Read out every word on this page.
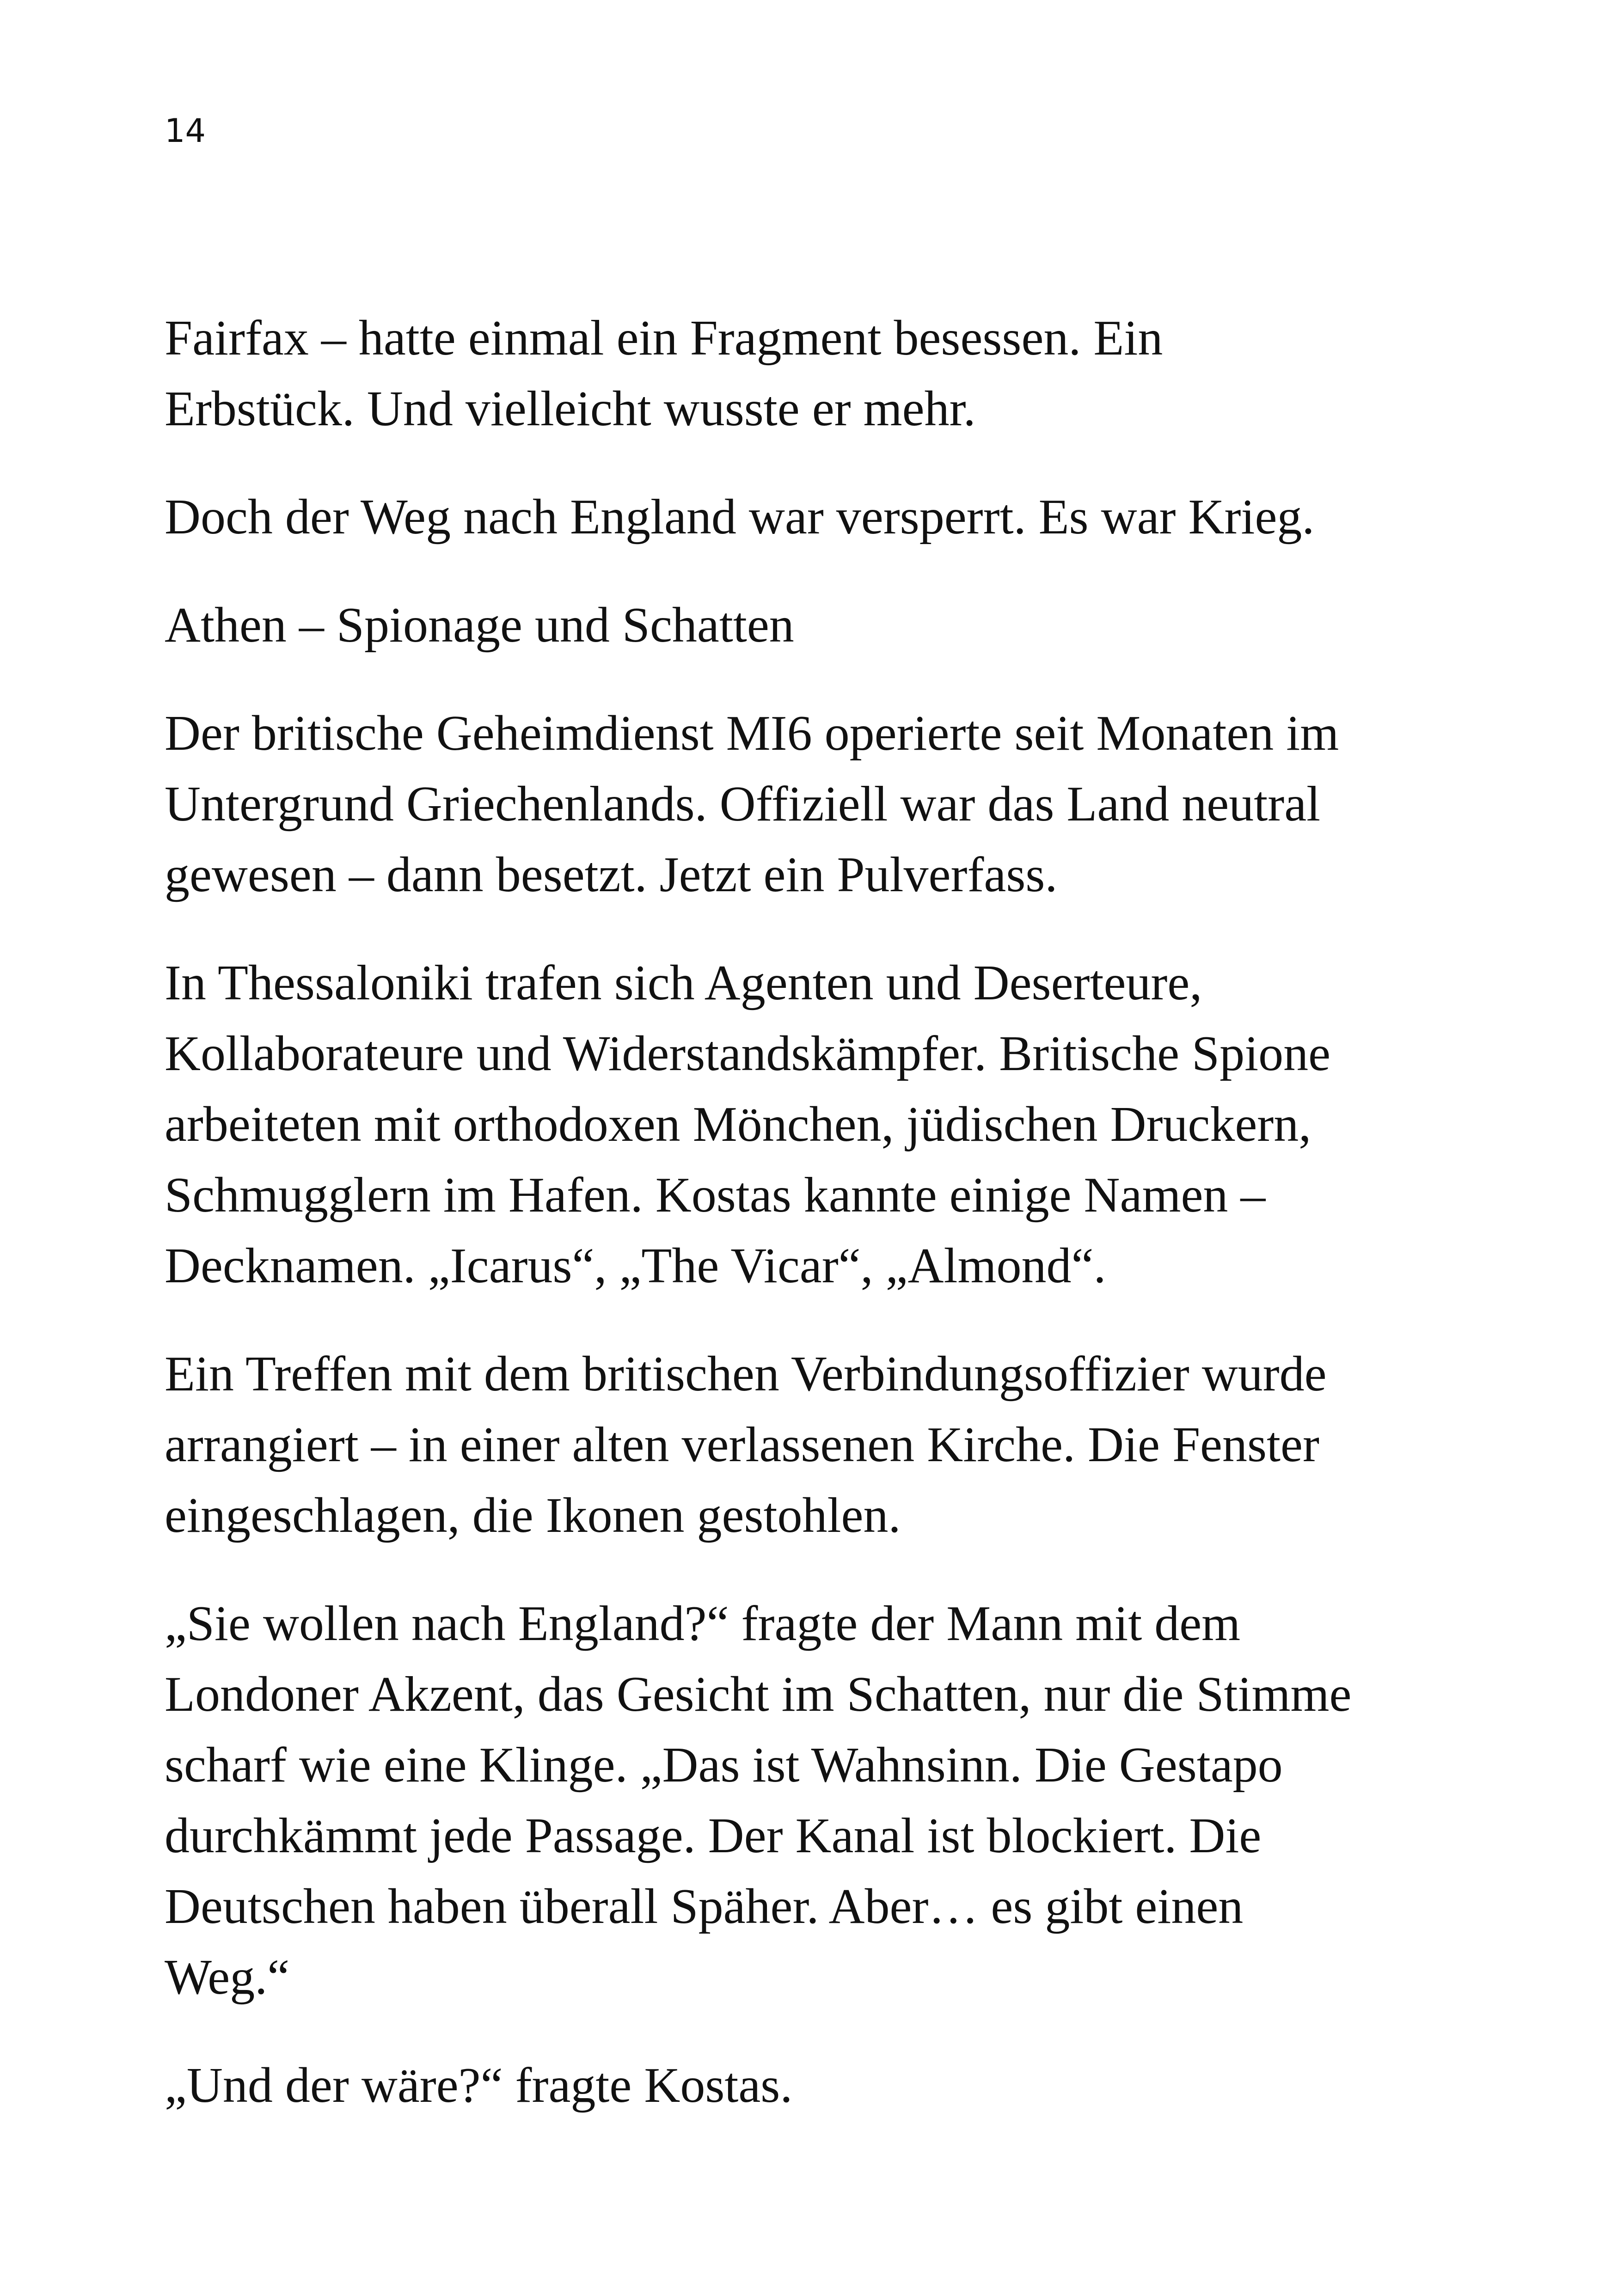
14

Fairfax – hatte einmal ein Fragment besessen. Ein
Erbstück. Und vielleicht wusste er mehr.

Doch der Weg nach England war versperrt. Es war Krieg.

Athen – Spionage und Schatten

Der britische Geheimdienst MI6 operierte seit Monaten im
Untergrund Griechenlands. Offiziell war das Land neutral
gewesen – dann besetzt. Jetzt ein Pulverfass.

In Thessaloniki trafen sich Agenten und Deserteure,
Kollaborateure und Widerstandskämpfer. Britische Spione
arbeiteten mit orthodoxen Mönchen, jüdischen Druckern,
Schmugglern im Hafen. Kostas kannte einige Namen –
Decknamen. „Icarus“, „The Vicar“, „Almond“.

Ein Treffen mit dem britischen Verbindungsoffizier wurde
arrangiert – in einer alten verlassenen Kirche. Die Fenster
eingeschlagen, die Ikonen gestohlen.

„Sie wollen nach England?“ fragte der Mann mit dem
Londoner Akzent, das Gesicht im Schatten, nur die Stimme
scharf wie eine Klinge. „Das ist Wahnsinn. Die Gestapo
durchkämmt jede Passage. Der Kanal ist blockiert. Die
Deutschen haben überall Späher. Aber… es gibt einen
Weg.“

„Und der wäre?“ fragte Kostas.
